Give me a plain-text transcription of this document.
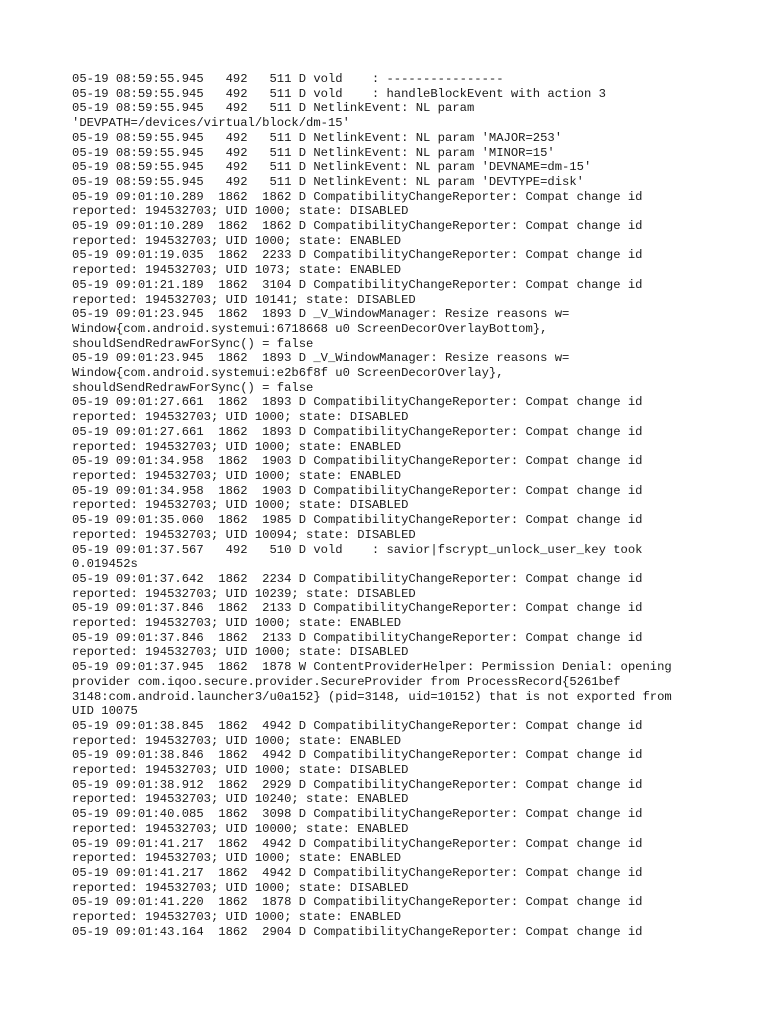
05-19 08:59:55.945   492   511 D vold    : ----------------
05-19 08:59:55.945   492   511 D vold    : handleBlockEvent with action 3
05-19 08:59:55.945   492   511 D NetlinkEvent: NL param
'DEVPATH=/devices/virtual/block/dm-15'
05-19 08:59:55.945   492   511 D NetlinkEvent: NL param 'MAJOR=253'
05-19 08:59:55.945   492   511 D NetlinkEvent: NL param 'MINOR=15'
05-19 08:59:55.945   492   511 D NetlinkEvent: NL param 'DEVNAME=dm-15'
05-19 08:59:55.945   492   511 D NetlinkEvent: NL param 'DEVTYPE=disk'
05-19 09:01:10.289  1862  1862 D CompatibilityChangeReporter: Compat change id
reported: 194532703; UID 1000; state: DISABLED
05-19 09:01:10.289  1862  1862 D CompatibilityChangeReporter: Compat change id
reported: 194532703; UID 1000; state: ENABLED
05-19 09:01:19.035  1862  2233 D CompatibilityChangeReporter: Compat change id
reported: 194532703; UID 1073; state: ENABLED
05-19 09:01:21.189  1862  3104 D CompatibilityChangeReporter: Compat change id
reported: 194532703; UID 10141; state: DISABLED
05-19 09:01:23.945  1862  1893 D _V_WindowManager: Resize reasons w=
Window{com.android.systemui:6718668 u0 ScreenDecorOverlayBottom},
shouldSendRedrawForSync() = false
05-19 09:01:23.945  1862  1893 D _V_WindowManager: Resize reasons w=
Window{com.android.systemui:e2b6f8f u0 ScreenDecorOverlay},
shouldSendRedrawForSync() = false
05-19 09:01:27.661  1862  1893 D CompatibilityChangeReporter: Compat change id
reported: 194532703; UID 1000; state: DISABLED
05-19 09:01:27.661  1862  1893 D CompatibilityChangeReporter: Compat change id
reported: 194532703; UID 1000; state: ENABLED
05-19 09:01:34.958  1862  1903 D CompatibilityChangeReporter: Compat change id
reported: 194532703; UID 1000; state: ENABLED
05-19 09:01:34.958  1862  1903 D CompatibilityChangeReporter: Compat change id
reported: 194532703; UID 1000; state: DISABLED
05-19 09:01:35.060  1862  1985 D CompatibilityChangeReporter: Compat change id
reported: 194532703; UID 10094; state: DISABLED
05-19 09:01:37.567   492   510 D vold    : savior|fscrypt_unlock_user_key took
0.019452s
05-19 09:01:37.642  1862  2234 D CompatibilityChangeReporter: Compat change id
reported: 194532703; UID 10239; state: DISABLED
05-19 09:01:37.846  1862  2133 D CompatibilityChangeReporter: Compat change id
reported: 194532703; UID 1000; state: ENABLED
05-19 09:01:37.846  1862  2133 D CompatibilityChangeReporter: Compat change id
reported: 194532703; UID 1000; state: DISABLED
05-19 09:01:37.945  1862  1878 W ContentProviderHelper: Permission Denial: opening
provider com.iqoo.secure.provider.SecureProvider from ProcessRecord{5261bef
3148:com.android.launcher3/u0a152} (pid=3148, uid=10152) that is not exported from
UID 10075
05-19 09:01:38.845  1862  4942 D CompatibilityChangeReporter: Compat change id
reported: 194532703; UID 1000; state: ENABLED
05-19 09:01:38.846  1862  4942 D CompatibilityChangeReporter: Compat change id
reported: 194532703; UID 1000; state: DISABLED
05-19 09:01:38.912  1862  2929 D CompatibilityChangeReporter: Compat change id
reported: 194532703; UID 10240; state: ENABLED
05-19 09:01:40.085  1862  3098 D CompatibilityChangeReporter: Compat change id
reported: 194532703; UID 10000; state: ENABLED
05-19 09:01:41.217  1862  4942 D CompatibilityChangeReporter: Compat change id
reported: 194532703; UID 1000; state: ENABLED
05-19 09:01:41.217  1862  4942 D CompatibilityChangeReporter: Compat change id
reported: 194532703; UID 1000; state: DISABLED
05-19 09:01:41.220  1862  1878 D CompatibilityChangeReporter: Compat change id
reported: 194532703; UID 1000; state: ENABLED
05-19 09:01:43.164  1862  2904 D CompatibilityChangeReporter: Compat change id
